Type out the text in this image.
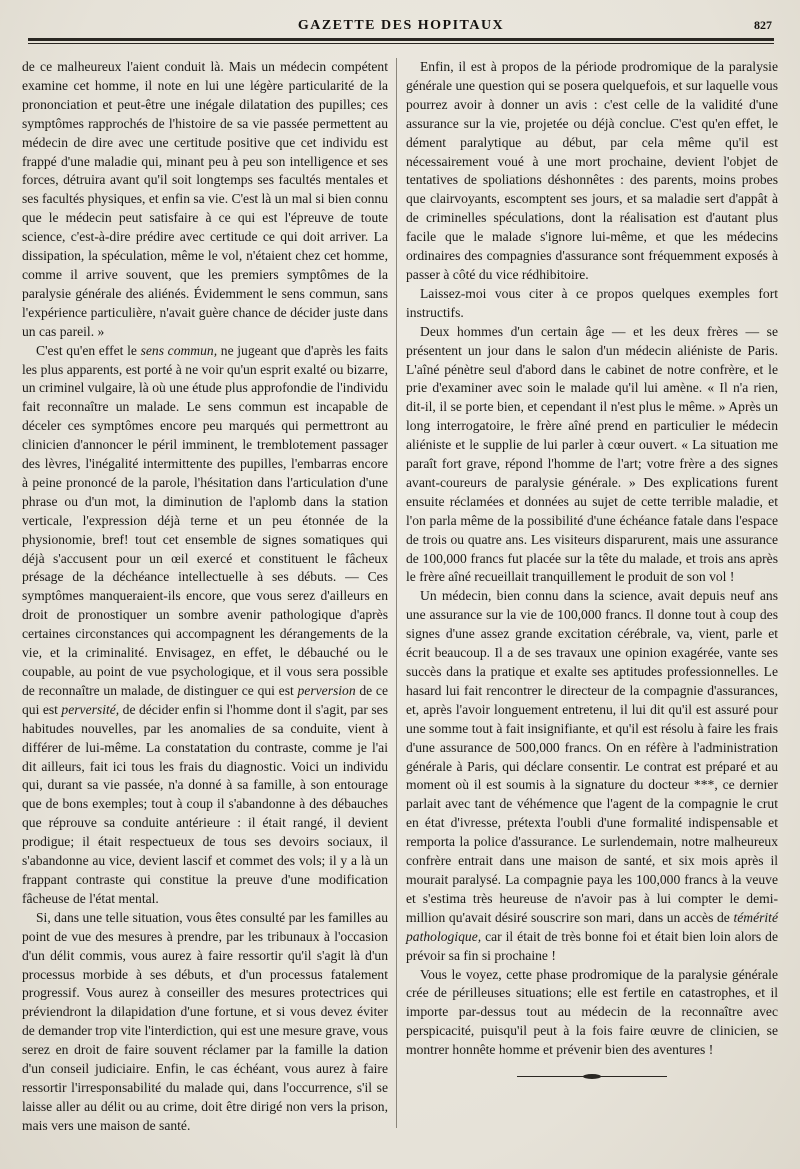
GAZETTE DES HOPITAUX	827

de ce malheureux l'aient conduit là. Mais un médecin compétent examine cet homme, il note en lui une légère particularité de la prononciation et peut-être une inégale dilatation des pupilles; ces symptômes rapprochés de l'histoire de sa vie passée permettent au médecin de dire avec une certitude positive que cet individu est frappé d'une maladie qui, minant peu à peu son intelligence et ses forces, détruira avant qu'il soit longtemps ses facultés mentales et ses facultés physiques, et enfin sa vie. C'est là un mal si bien connu que le médecin peut satisfaire à ce qui est l'épreuve de toute science, c'est-à-dire prédire avec certitude ce qui doit arriver. La dissipation, la spéculation, même le vol, n'étaient chez cet homme, comme il arrive souvent, que les premiers symptômes de la paralysie générale des aliénés. Évidemment le sens commun, sans l'expérience particulière, n'avait guère chance de décider juste dans un cas pareil. »

C'est qu'en effet le sens commun, ne jugeant que d'après les faits les plus apparents, est porté à ne voir qu'un esprit exalté ou bizarre, un criminel vulgaire, là où une étude plus approfondie de l'individu fait reconnaître un malade. Le sens commun est incapable de déceler ces symptômes encore peu marqués qui permettront au clinicien d'annoncer le péril imminent, le tremblotement passager des lèvres, l'inégalité intermittente des pupilles, l'embarras encore à peine prononcé de la parole, l'hésitation dans l'articulation d'une phrase ou d'un mot, la diminution de l'aplomb dans la station verticale, l'expression déjà terne et un peu étonnée de la physionomie, bref! tout cet ensemble de signes somatiques qui déjà s'accusent pour un œil exercé et constituent le fâcheux présage de la déchéance intellectuelle à ses débuts. — Ces symptômes manqueraient-ils encore, que vous serez d'ailleurs en droit de pronostiquer un sombre avenir pathologique d'après certaines circonstances qui accompagnent les dérangements de la vie, et la criminalité. Envisagez, en effet, le débauché ou le coupable, au point de vue psychologique, et il vous sera possible de reconnaître un malade, de distinguer ce qui est perversion de ce qui est perversité, de décider enfin si l'homme dont il s'agit, par ses habitudes nouvelles, par les anomalies de sa conduite, vient à différer de lui-même. La constatation du contraste, comme je l'ai dit ailleurs, fait ici tous les frais du diagnostic. Voici un individu qui, durant sa vie passée, n'a donné à sa famille, à son entourage que de bons exemples; tout à coup il s'abandonne à des débauches que réprouve sa conduite antérieure : il était rangé, il devient prodigue; il était respectueux de tous ses devoirs sociaux, il s'abandonne au vice, devient lascif et commet des vols; il y a là un frappant contraste qui constitue la preuve d'une modification fâcheuse de l'état mental.

Si, dans une telle situation, vous êtes consulté par les familles au point de vue des mesures à prendre, par les tribunaux à l'occasion d'un délit commis, vous aurez à faire ressortir qu'il s'agit là d'un processus morbide à ses débuts, et d'un processus fatalement progressif. Vous aurez à conseiller des mesures protectrices qui préviendront la dilapidation d'une fortune, et si vous devez éviter de demander trop vite l'interdiction, qui est une mesure grave, vous serez en droit de faire souvent réclamer par la famille la dation d'un conseil judiciaire. Enfin, le cas échéant, vous aurez à faire ressortir l'irresponsabilité du malade qui, dans l'occurrence, s'il se laisse aller au délit ou au crime, doit être dirigé non vers la prison, mais vers une maison de santé.

Enfin, il est à propos de la période prodromique de la paralysie générale une question qui se posera quelquefois, et sur laquelle vous pourrez avoir à donner un avis : c'est celle de la validité d'une assurance sur la vie, projetée ou déjà conclue. C'est qu'en effet, le dément paralytique au début, par cela même qu'il est nécessairement voué à une mort prochaine, devient l'objet de tentatives de spoliations déshonnêtes : des parents, moins probes que clairvoyants, escomptent ses jours, et sa maladie sert d'appât à de criminelles spéculations, dont la réalisation est d'autant plus facile que le malade s'ignore lui-même, et que les médecins ordinaires des compagnies d'assurance sont fréquemment exposés à passer à côté du vice rédhibitoire.

Laissez-moi vous citer à ce propos quelques exemples fort instructifs.

Deux hommes d'un certain âge — et les deux frères — se présentent un jour dans le salon d'un médecin aliéniste de Paris. L'aîné pénètre seul d'abord dans le cabinet de notre confrère, et le prie d'examiner avec soin le malade qu'il lui amène. « Il n'a rien, dit-il, il se porte bien, et cependant il n'est plus le même. » Après un long interrogatoire, le frère aîné prend en particulier le médecin aliéniste et le supplie de lui parler à cœur ouvert. « La situation me paraît fort grave, répond l'homme de l'art; votre frère a des signes avant-coureurs de paralysie générale. » Des explications furent ensuite réclamées et données au sujet de cette terrible maladie, et l'on parla même de la possibilité d'une échéance fatale dans l'espace de trois ou quatre ans. Les visiteurs disparurent, mais une assurance de 100,000 francs fut placée sur la tête du malade, et trois ans après le frère aîné recueillait tranquillement le produit de son vol !

Un médecin, bien connu dans la science, avait depuis neuf ans une assurance sur la vie de 100,000 francs. Il donne tout à coup des signes d'une assez grande excitation cérébrale, va, vient, parle et écrit beaucoup. Il a de ses travaux une opinion exagérée, vante ses succès dans la pratique et exalte ses aptitudes professionnelles. Le hasard lui fait rencontrer le directeur de la compagnie d'assurances, et, après l'avoir longuement entretenu, il lui dit qu'il est assuré pour une somme tout à fait insignifiante, et qu'il est résolu à faire les frais d'une assurance de 500,000 francs. On en réfère à l'administration générale à Paris, qui déclare consentir. Le contrat est préparé et au moment où il est soumis à la signature du docteur ***, ce dernier parlait avec tant de véhémence que l'agent de la compagnie le crut en état d'ivresse, prétexta l'oubli d'une formalité indispensable et remporta la police d'assurance. Le surlendemain, notre malheureux confrère entrait dans une maison de santé, et six mois après il mourait paralysé. La compagnie paya les 100,000 francs à la veuve et s'estima très heureuse de n'avoir pas à lui compter le demi-million qu'avait désiré souscrire son mari, dans un accès de témérité pathologique, car il était de très bonne foi et était bien loin alors de prévoir sa fin si prochaine !

Vous le voyez, cette phase prodromique de la paralysie générale crée de périlleuses situations; elle est fertile en catastrophes, et il importe par-dessus tout au médecin de la reconnaître avec perspicacité, puisqu'il peut à la fois faire œuvre de clinicien, se montrer honnête homme et prévenir bien des aventures !
